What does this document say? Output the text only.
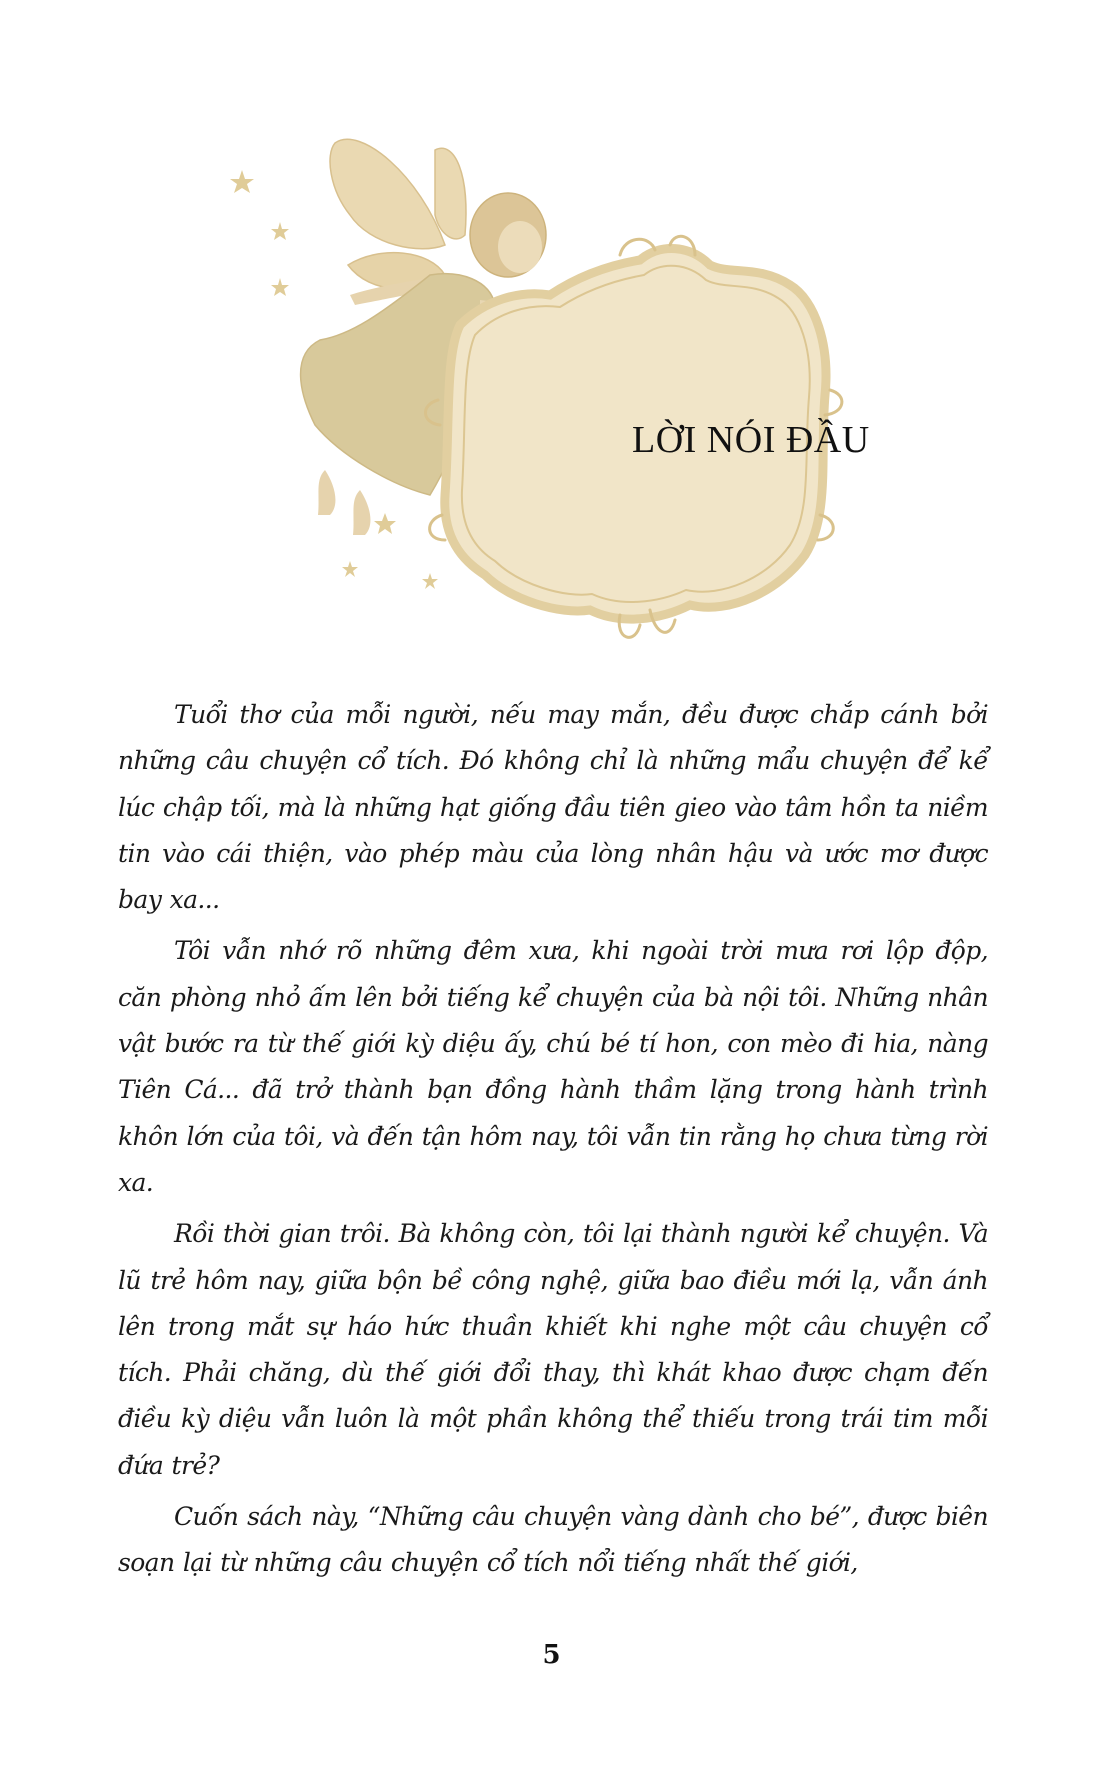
LỜI NÓI ĐẦU

Tuổi thơ của mỗi người, nếu may mắn, đều được chắp cánh bởi những câu chuyện cổ tích. Đó không chỉ là những mẩu chuyện để kể lúc chập tối, mà là những hạt giống đầu tiên gieo vào tâm hồn ta niềm tin vào cái thiện, vào phép màu của lòng nhân hậu và ước mơ được bay xa...

Tôi vẫn nhớ rõ những đêm xưa, khi ngoài trời mưa rơi lộp độp, căn phòng nhỏ ấm lên bởi tiếng kể chuyện của bà nội tôi. Những nhân vật bước ra từ thế giới kỳ diệu ấy, chú bé tí hon, con mèo đi hia, nàng Tiên Cá... đã trở thành bạn đồng hành thầm lặng trong hành trình khôn lớn của tôi, và đến tận hôm nay, tôi vẫn tin rằng họ chưa từng rời xa.

Rồi thời gian trôi. Bà không còn, tôi lại thành người kể chuyện. Và lũ trẻ hôm nay, giữa bộn bề công nghệ, giữa bao điều mới lạ, vẫn ánh lên trong mắt sự háo hức thuần khiết khi nghe một câu chuyện cổ tích. Phải chăng, dù thế giới đổi thay, thì khát khao được chạm đến điều kỳ diệu vẫn luôn là một phần không thể thiếu trong trái tim mỗi đứa trẻ?

Cuốn sách này, “Những câu chuyện vàng dành cho bé”, được biên soạn lại từ những câu chuyện cổ tích nổi tiếng nhất thế giới,

5
